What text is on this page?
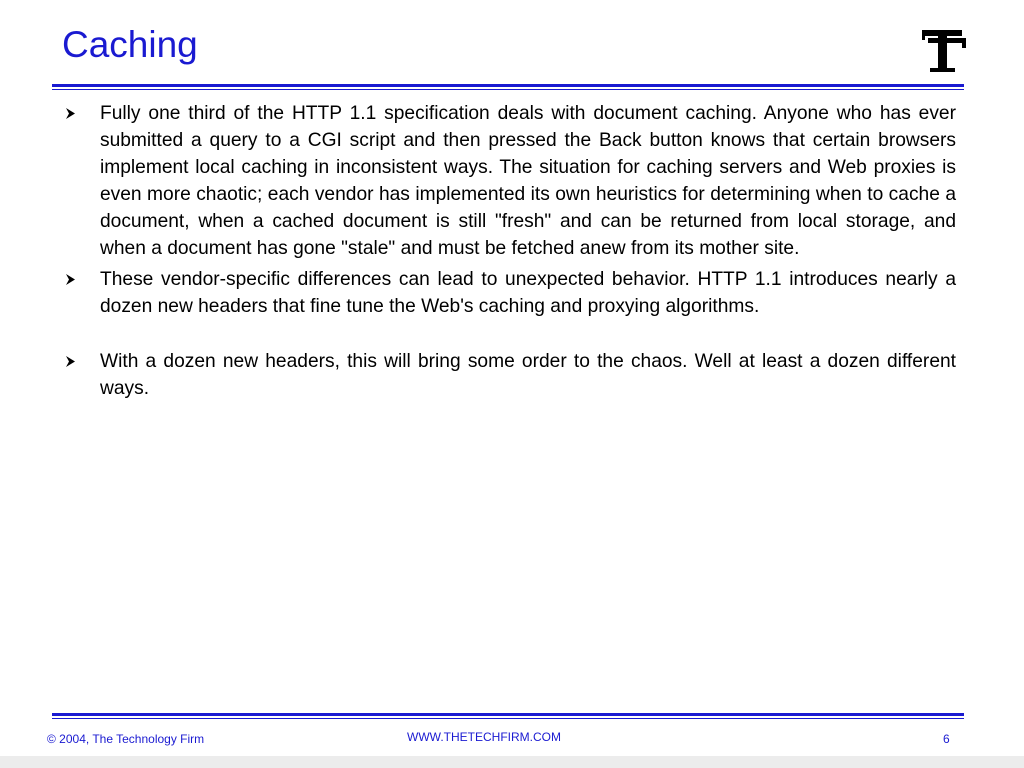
Caching
Fully one third of the HTTP 1.1 specification deals with document caching. Anyone who has ever submitted a query to a CGI script and then pressed the Back button knows that certain browsers implement local caching in inconsistent ways. The situation for caching servers and Web proxies is even more chaotic; each vendor has implemented its own heuristics for determining when to cache a document, when a cached document is still "fresh" and can be returned from local storage, and when a document has gone "stale" and must be fetched anew from its mother site.
These vendor-specific differences can lead to unexpected behavior. HTTP 1.1 introduces nearly a dozen new headers that fine tune the Web's caching and proxying algorithms.
With a dozen new headers, this will bring some order to the chaos. Well at least a dozen different ways.
© 2004, The Technology Firm	WWW.THETECHFIRM.COM	6
